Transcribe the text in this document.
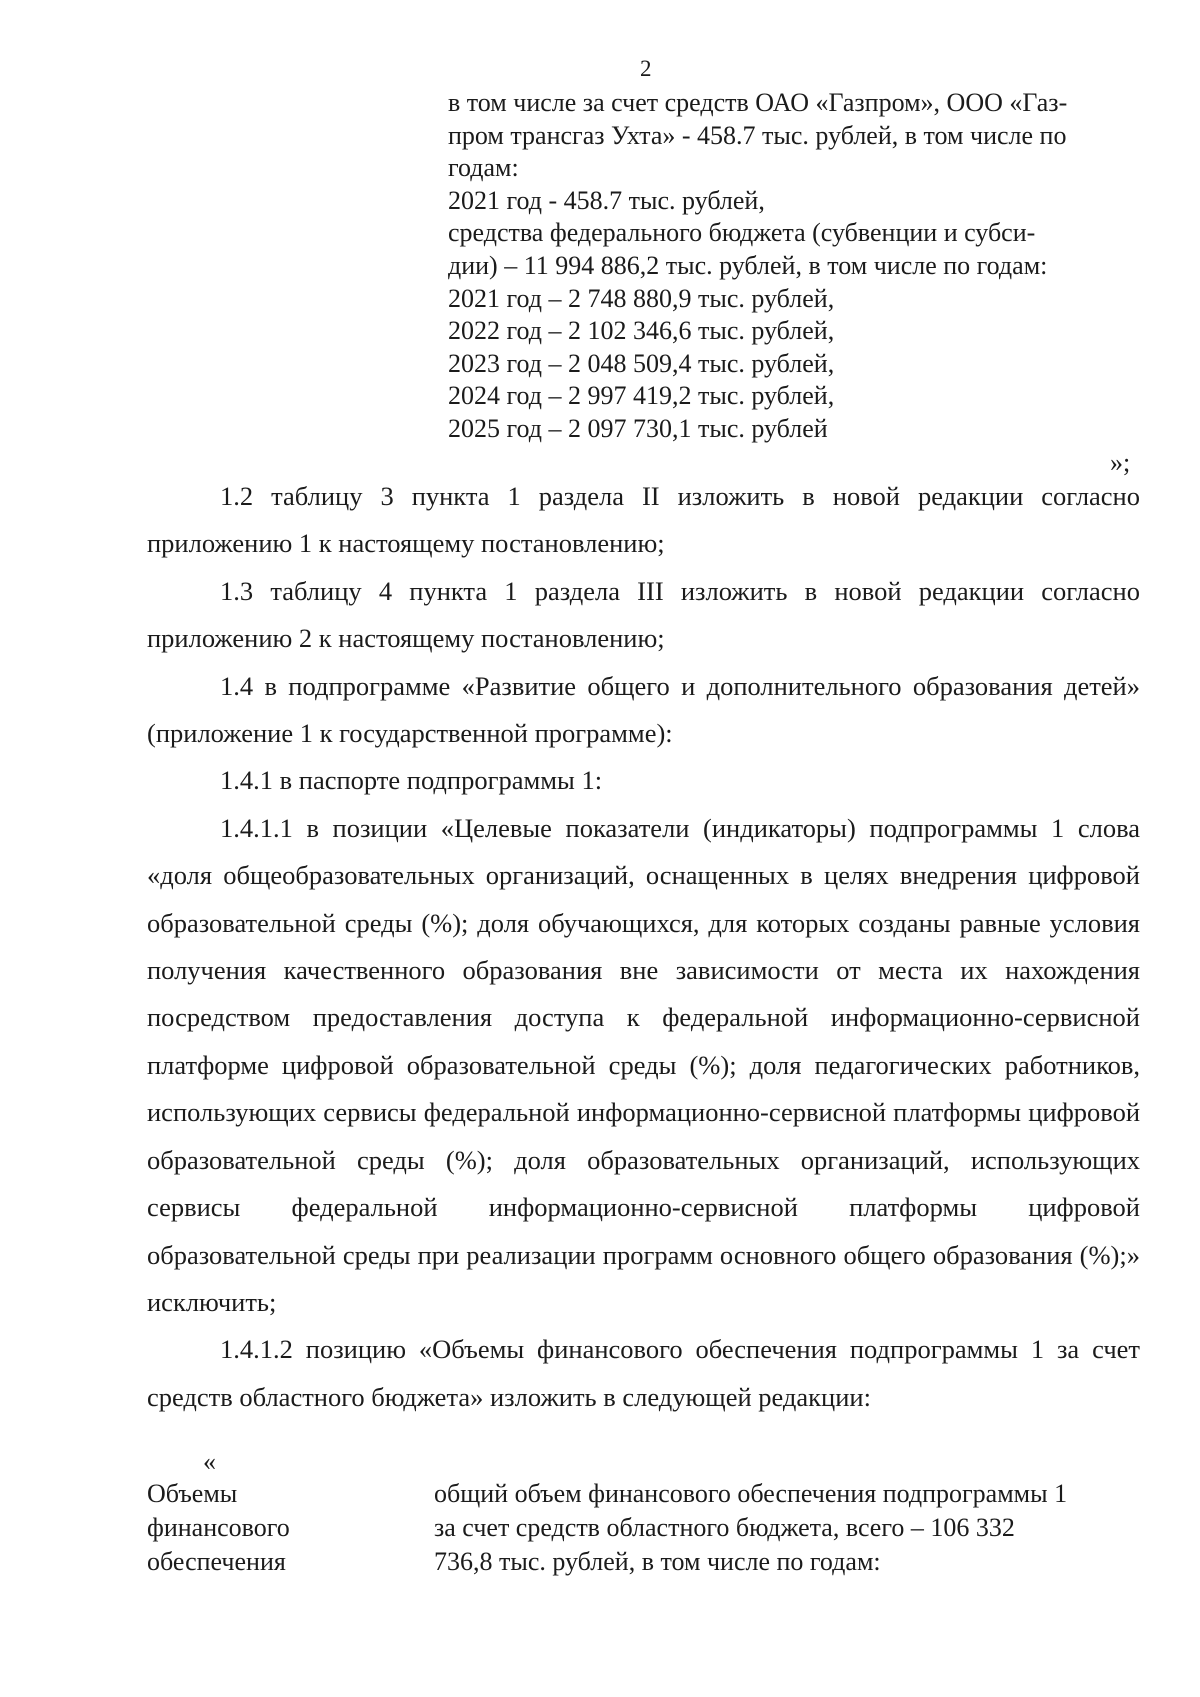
2
в том числе за счет средств ОАО «Газпром», ООО «Газ-
пром трансгаз Ухта» - 458.7 тыс. рублей, в том числе по
годам:
2021 год - 458.7 тыс. рублей,
средства федерального бюджета (субвенции и субси-
дии) – 11 994 886,2 тыс. рублей, в том числе по годам:
2021 год – 2 748 880,9 тыс. рублей,
2022 год – 2 102 346,6 тыс. рублей,
2023 год – 2 048 509,4 тыс. рублей,
2024 год – 2 997 419,2 тыс. рублей,
2025 год – 2 097 730,1 тыс. рублей
»;

1.2 таблицу 3 пункта 1 раздела II изложить в новой редакции согласно приложению 1 к настоящему постановлению;

1.3 таблицу 4 пункта 1 раздела III изложить в новой редакции согласно приложению 2 к настоящему постановлению;

1.4 в подпрограмме «Развитие общего и дополнительного образования детей» (приложение 1 к государственной программе):

1.4.1 в паспорте подпрограммы 1:

1.4.1.1 в позиции «Целевые показатели (индикаторы) подпрограммы 1 слова «доля общеобразовательных организаций, оснащенных в целях внедрения цифровой образовательной среды (%); доля обучающихся, для которых созданы равные условия получения качественного образования вне зависимости от места их нахождения посредством предоставления доступа к федеральной информационно-сервисной платформе цифровой образовательной среды (%); доля педагогических работников, использующих сервисы федеральной информационно-сервисной платформы цифровой образовательной среды (%); доля образовательных организаций, использующих сервисы федеральной информационно-сервисной платформы цифровой образовательной среды при реализации программ основного общего образования (%);» исключить;

1.4.1.2 позицию «Объемы финансового обеспечения подпрограммы 1 за счет средств областного бюджета» изложить в следующей редакции:

«
Объемы
финансового
обеспечения
общий объем финансового обеспечения подпрограммы 1
за счет средств областного бюджета, всего – 106 332
736,8 тыс. рублей, в том числе по годам:
